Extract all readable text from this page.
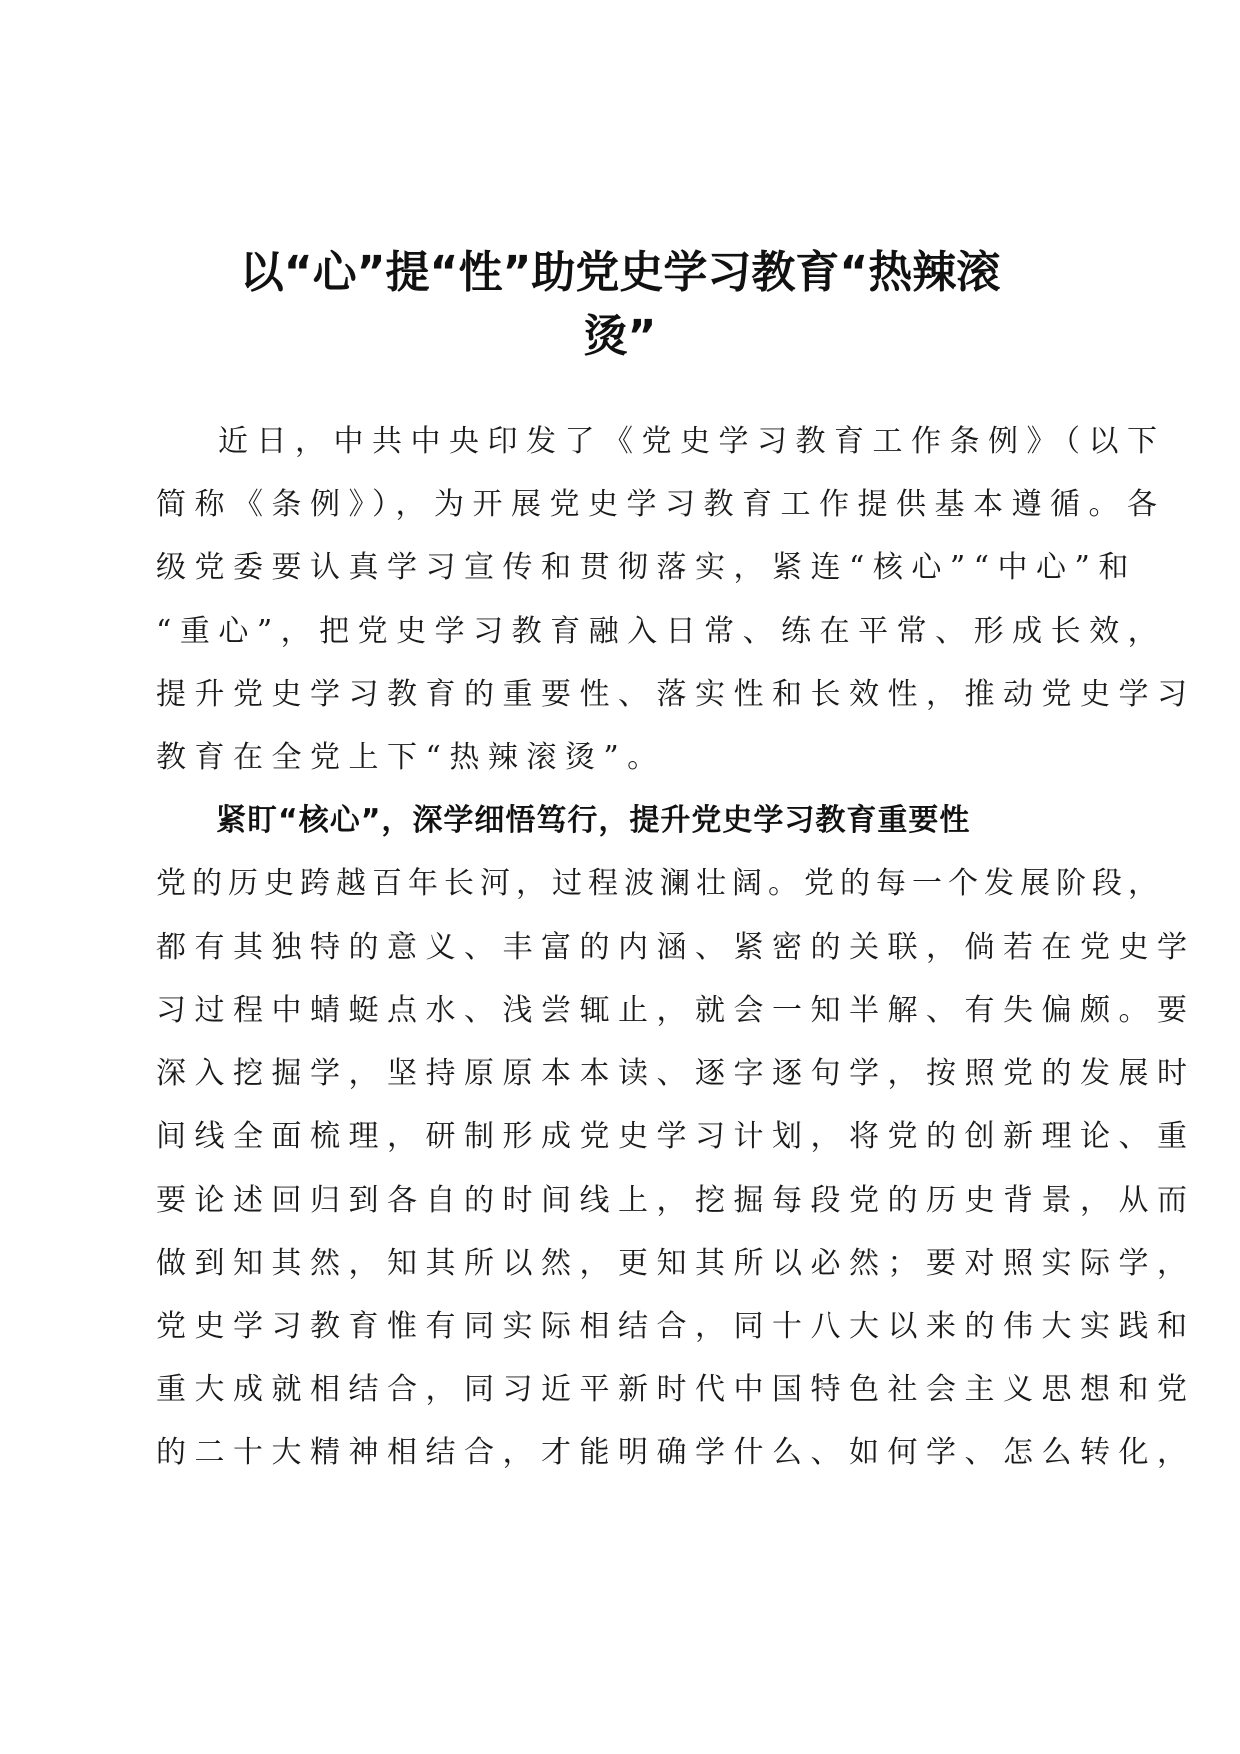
以“心”提“性”助党史学习教育“热辣滚
烫”
近日，中共中央印发了《党史学习教育工作条例》（以下
简称《条例》），为开展党史学习教育工作提供基本遵循。各
级党委要认真学习宣传和贯彻落实，紧连“核心”“中心”和
“重心”，把党史学习教育融入日常、练在平常、形成长效，
提升党史学习教育的重要性、落实性和长效性，推动党史学习
教育在全党上下“热辣滚烫”。
紧盯“核心”，深学细悟笃行，提升党史学习教育重要性
党的历史跨越百年长河，过程波澜壮阔。党的每一个发展阶段，
都有其独特的意义、丰富的内涵、紧密的关联，倘若在党史学
习过程中蜻蜓点水、浅尝辄止，就会一知半解、有失偏颇。要
深入挖掘学，坚持原原本本读、逐字逐句学，按照党的发展时
间线全面梳理，研制形成党史学习计划，将党的创新理论、重
要论述回归到各自的时间线上，挖掘每段党的历史背景，从而
做到知其然，知其所以然，更知其所以必然；要对照实际学，
党史学习教育惟有同实际相结合，同十八大以来的伟大实践和
重大成就相结合，同习近平新时代中国特色社会主义思想和党
的二十大精神相结合，才能明确学什么、如何学、怎么转化，
